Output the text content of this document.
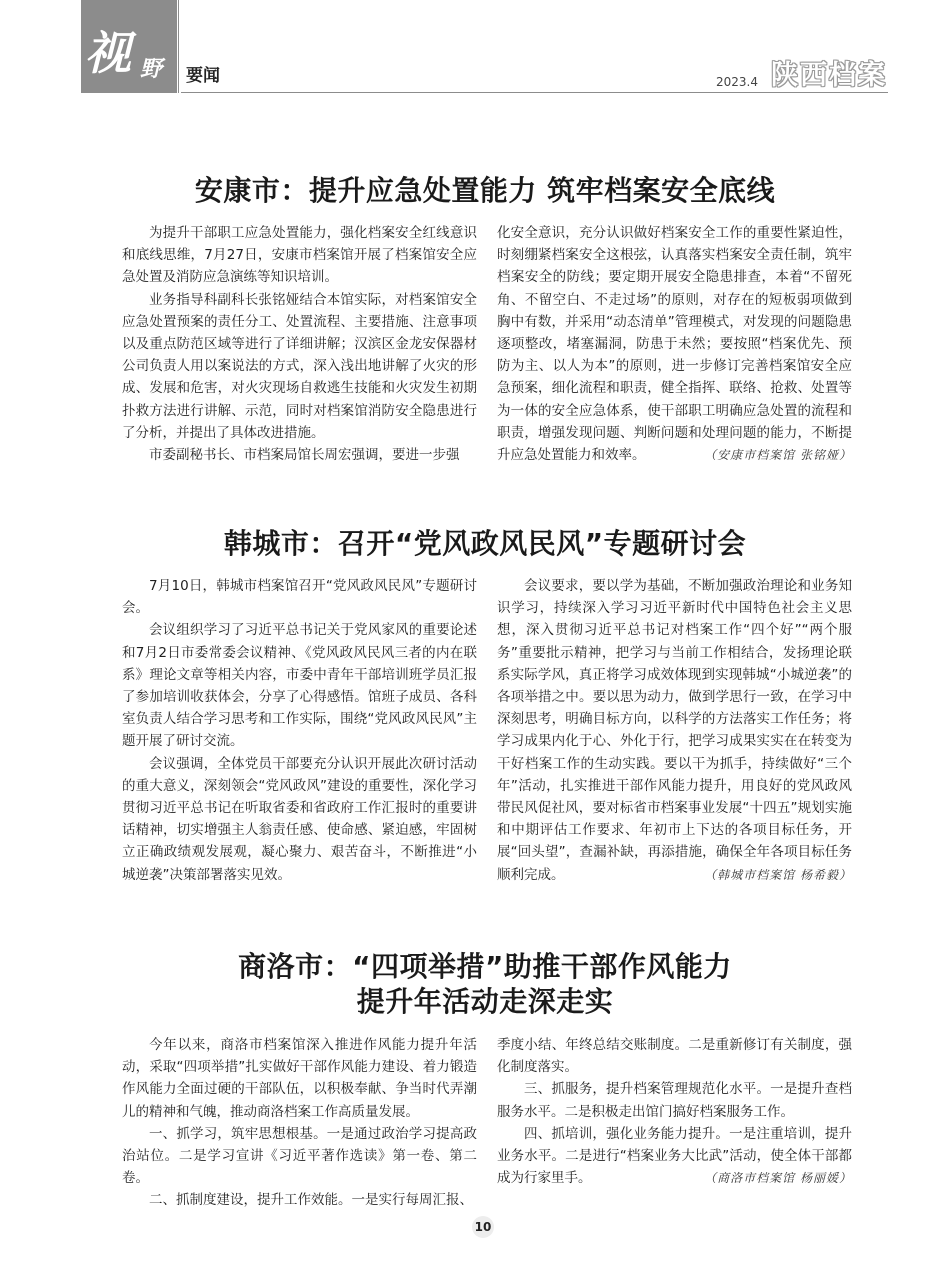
视 野 要闻	2023.4 陕西档案
安康市：提升应急处置能力 筑牢档案安全底线

为提升干部职工应急处置能力，强化档案安全红线意识和底线思维，7月27日，安康市档案馆开展了档案馆安全应急处置及消防应急演练等知识培训。

业务指导科副科长张铭娅结合本馆实际，对档案馆安全应急处置预案的责任分工、处置流程、主要措施、注意事项以及重点防范区域等进行了详细讲解；汉滨区金龙安保器材公司负责人用以案说法的方式，深入浅出地讲解了火灾的形成、发展和危害，对火灾现场自救逃生技能和火灾发生初期扑救方法进行讲解、示范，同时对档案馆消防安全隐患进行了分析，并提出了具体改进措施。

市委副秘书长、市档案局馆长周宏强调，要进一步强

化安全意识，充分认识做好档案安全工作的重要性紧迫性，时刻绷紧档案安全这根弦，认真落实档案安全责任制，筑牢档案安全的防线；要定期开展安全隐患排查，本着“不留死角、不留空白、不走过场”的原则，对存在的短板弱项做到胸中有数，并采用“动态清单”管理模式，对发现的问题隐患逐项整改，堵塞漏洞，防患于未然；要按照“档案优先、预防为主、以人为本”的原则，进一步修订完善档案馆安全应急预案，细化流程和职责，健全指挥、联络、抢救、处置等为一体的安全应急体系，使干部职工明确应急处置的流程和职责，增强发现问题、判断问题和处理问题的能力，不断提升应急处置能力和效率。	（安康市档案馆 张铭娅）

韩城市：召开“党风政风民风”专题研讨会

7月10日，韩城市档案馆召开“党风政风民风”专题研讨会。

会议组织学习了习近平总书记关于党风家风的重要论述和7月2日市委常委会议精神、《党风政风民风三者的内在联系》理论文章等相关内容，市委中青年干部培训班学员汇报了参加培训收获体会，分享了心得感悟。馆班子成员、各科室负责人结合学习思考和工作实际，围绕“党风政风民风”主题开展了研讨交流。

会议强调，全体党员干部要充分认识开展此次研讨活动的重大意义，深刻领会“党风政风”建设的重要性，深化学习贯彻习近平总书记在听取省委和省政府工作汇报时的重要讲话精神，切实增强主人翁责任感、使命感、紧迫感，牢固树立正确政绩观发展观，凝心聚力、艰苦奋斗，不断推进“小城逆袭”决策部署落实见效。

会议要求，要以学为基础，不断加强政治理论和业务知识学习，持续深入学习习近平新时代中国特色社会主义思想，深入贯彻习近平总书记对档案工作“四个好”“两个服务”重要批示精神，把学习与当前工作相结合，发扬理论联系实际学风，真正将学习成效体现到实现韩城“小城逆袭”的各项举措之中。要以思为动力，做到学思行一致，在学习中深刻思考，明确目标方向，以科学的方法落实工作任务；将学习成果内化于心、外化于行，把学习成果实实在在转变为干好档案工作的生动实践。要以干为抓手，持续做好“三个年”活动，扎实推进干部作风能力提升，用良好的党风政风带民风促社风，要对标省市档案事业发展“十四五”规划实施和中期评估工作要求、年初市上下达的各项目标任务，开展“回头望”，查漏补缺，再添措施，确保全年各项目标任务顺利完成。	（韩城市档案馆 杨希毅）

商洛市：“四项举措”助推干部作风能力
提升年活动走深走实

今年以来，商洛市档案馆深入推进作风能力提升年活动，采取“四项举措”扎实做好干部作风能力建设、着力锻造作风能力全面过硬的干部队伍，以积极奉献、争当时代弄潮儿的精神和气魄，推动商洛档案工作高质量发展。

一、抓学习，筑牢思想根基。一是通过政治学习提高政治站位。二是学习宣讲《习近平著作选读》第一卷、第二卷。

二、抓制度建设，提升工作效能。一是实行每周汇报、

季度小结、年终总结交账制度。二是重新修订有关制度，强化制度落实。

三、抓服务，提升档案管理规范化水平。一是提升查档服务水平。二是积极走出馆门搞好档案服务工作。

四、抓培训，强化业务能力提升。一是注重培训，提升业务水平。二是进行“档案业务大比武”活动，使全体干部都成为行家里手。	（商洛市档案馆 杨丽媛）

10
